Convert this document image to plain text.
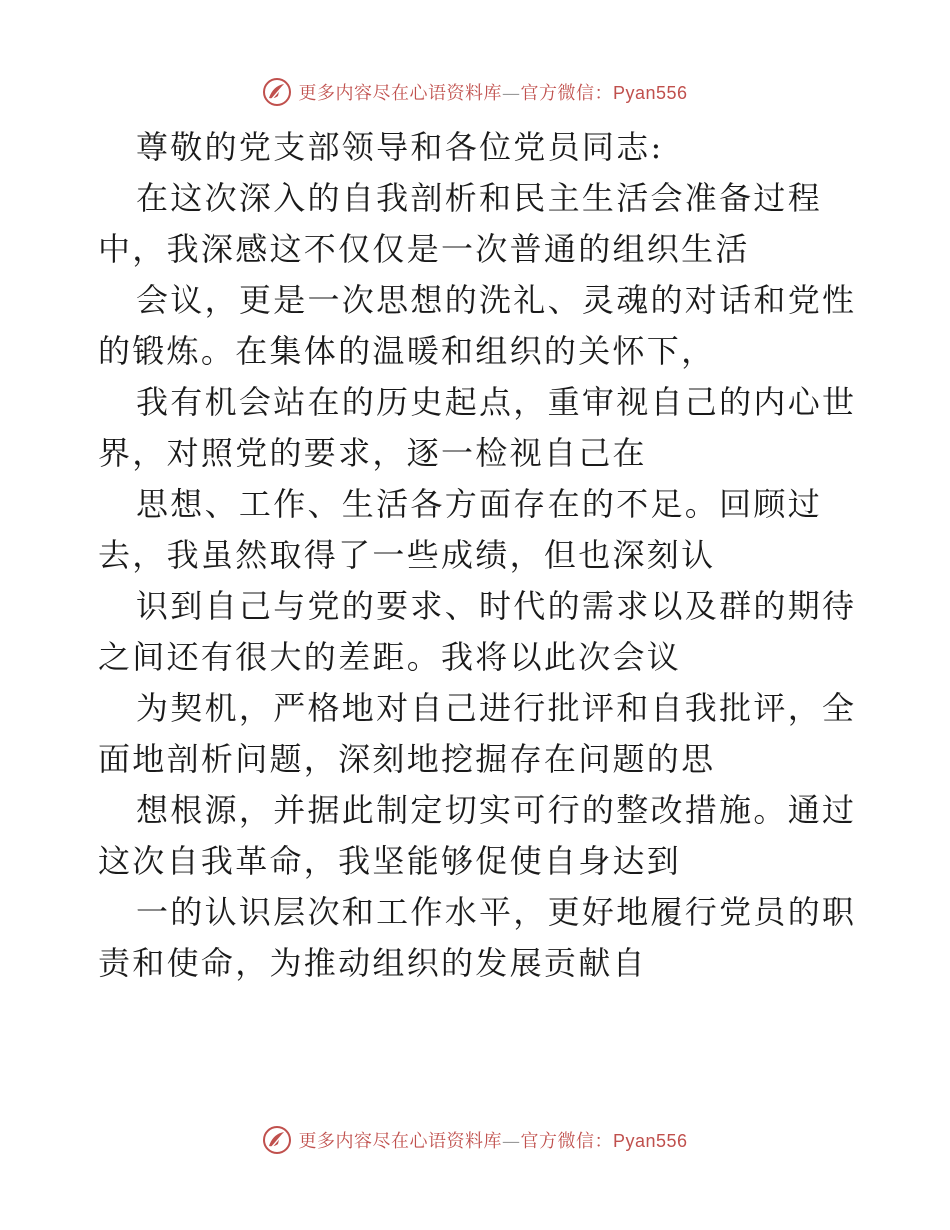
更多内容尽在心语资料库—官方微信：Pyan556
尊敬的党支部领导和各位党员同志:
在这次深入的自我剖析和民主生活会准备过程
中，我深感这不仅仅是一次普通的组织生活
会议，更是一次思想的洗礼、灵魂的对话和党性
的锻炼。在集体的温暖和组织的关怀下，
我有机会站在的历史起点，重审视自己的内心世
界，对照党的要求，逐一检视自己在
思想、工作、生活各方面存在的不足。回顾过
去，我虽然取得了一些成绩，但也深刻认
识到自己与党的要求、时代的需求以及群的期待
之间还有很大的差距。我将以此次会议
为契机，严格地对自己进行批评和自我批评，全
面地剖析问题，深刻地挖掘存在问题的思
想根源，并据此制定切实可行的整改措施。通过
这次自我革命，我坚能够促使自身达到
一的认识层次和工作水平，更好地履行党员的职
责和使命，为推动组织的发展贡献自
更多内容尽在心语资料库—官方微信：Pyan556
